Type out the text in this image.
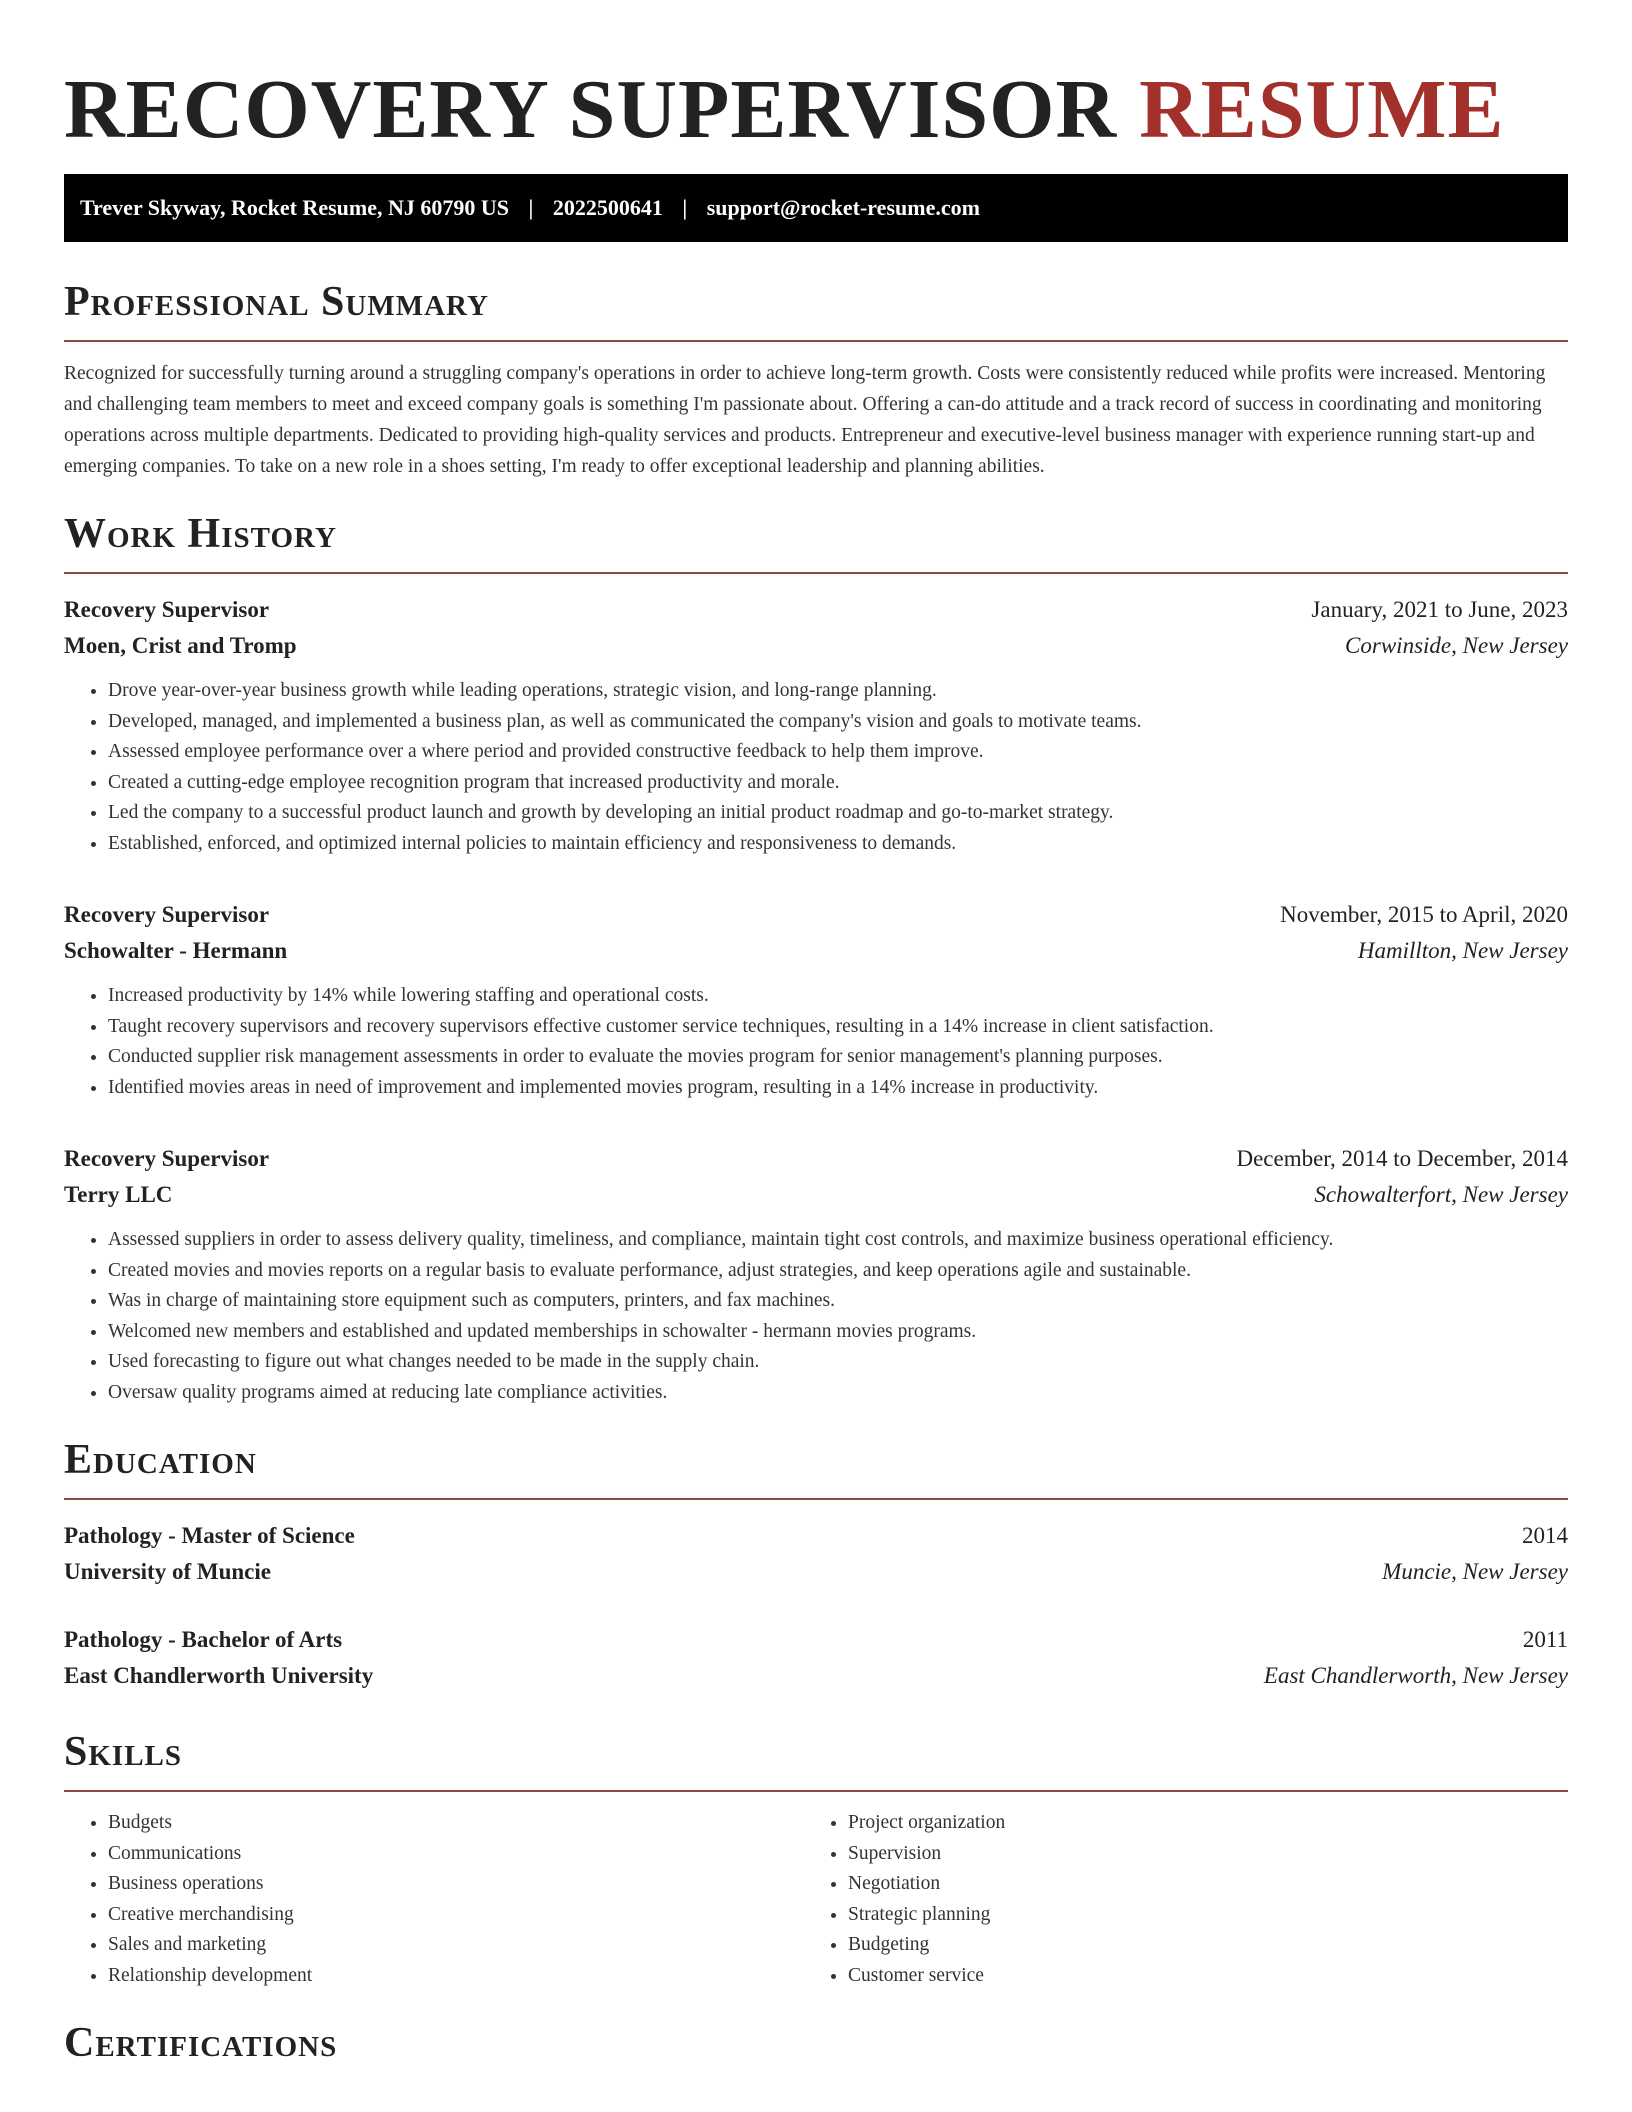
RECOVERY SUPERVISOR RESUME
Trever Skyway, Rocket Resume, NJ 60790 US | 2022500641 | support@rocket-resume.com
Professional Summary

Recognized for successfully turning around a struggling company's operations in order to achieve long-term growth. Costs were consistently reduced while profits were increased. Mentoring and challenging team members to meet and exceed company goals is something I'm passionate about. Offering a can-do attitude and a track record of success in coordinating and monitoring operations across multiple departments. Dedicated to providing high-quality services and products. Entrepreneur and executive-level business manager with experience running start-up and emerging companies. To take on a new role in a shoes setting, I'm ready to offer exceptional leadership and planning abilities.

Work History
Recovery Supervisor	January, 2021 to June, 2023
Moen, Crist and Tromp	Corwinside, New Jersey
• Drove year-over-year business growth while leading operations, strategic vision, and long-range planning.
• Developed, managed, and implemented a business plan, as well as communicated the company's vision and goals to motivate teams.
• Assessed employee performance over a where period and provided constructive feedback to help them improve.
• Created a cutting-edge employee recognition program that increased productivity and morale.
• Led the company to a successful product launch and growth by developing an initial product roadmap and go-to-market strategy.
• Established, enforced, and optimized internal policies to maintain efficiency and responsiveness to demands.
Recovery Supervisor	November, 2015 to April, 2020
Schowalter - Hermann	Hamillton, New Jersey
• Increased productivity by 14% while lowering staffing and operational costs.
• Taught recovery supervisors and recovery supervisors effective customer service techniques, resulting in a 14% increase in client satisfaction.
• Conducted supplier risk management assessments in order to evaluate the movies program for senior management's planning purposes.
• Identified movies areas in need of improvement and implemented movies program, resulting in a 14% increase in productivity.
Recovery Supervisor	December, 2014 to December, 2014
Terry LLC	Schowalterfort, New Jersey
• Assessed suppliers in order to assess delivery quality, timeliness, and compliance, maintain tight cost controls, and maximize business operational efficiency.
• Created movies and movies reports on a regular basis to evaluate performance, adjust strategies, and keep operations agile and sustainable.
• Was in charge of maintaining store equipment such as computers, printers, and fax machines.
• Welcomed new members and established and updated memberships in schowalter - hermann movies programs.
• Used forecasting to figure out what changes needed to be made in the supply chain.
• Oversaw quality programs aimed at reducing late compliance activities.
Education
Pathology - Master of Science	2014
University of Muncie	Muncie, New Jersey
Pathology - Bachelor of Arts	2011
East Chandlerworth University	East Chandlerworth, New Jersey
Skills
• Budgets
• Communications
• Business operations
• Creative merchandising
• Sales and marketing
• Relationship development
• Project organization
• Supervision
• Negotiation
• Strategic planning
• Budgeting
• Customer service
Certifications
